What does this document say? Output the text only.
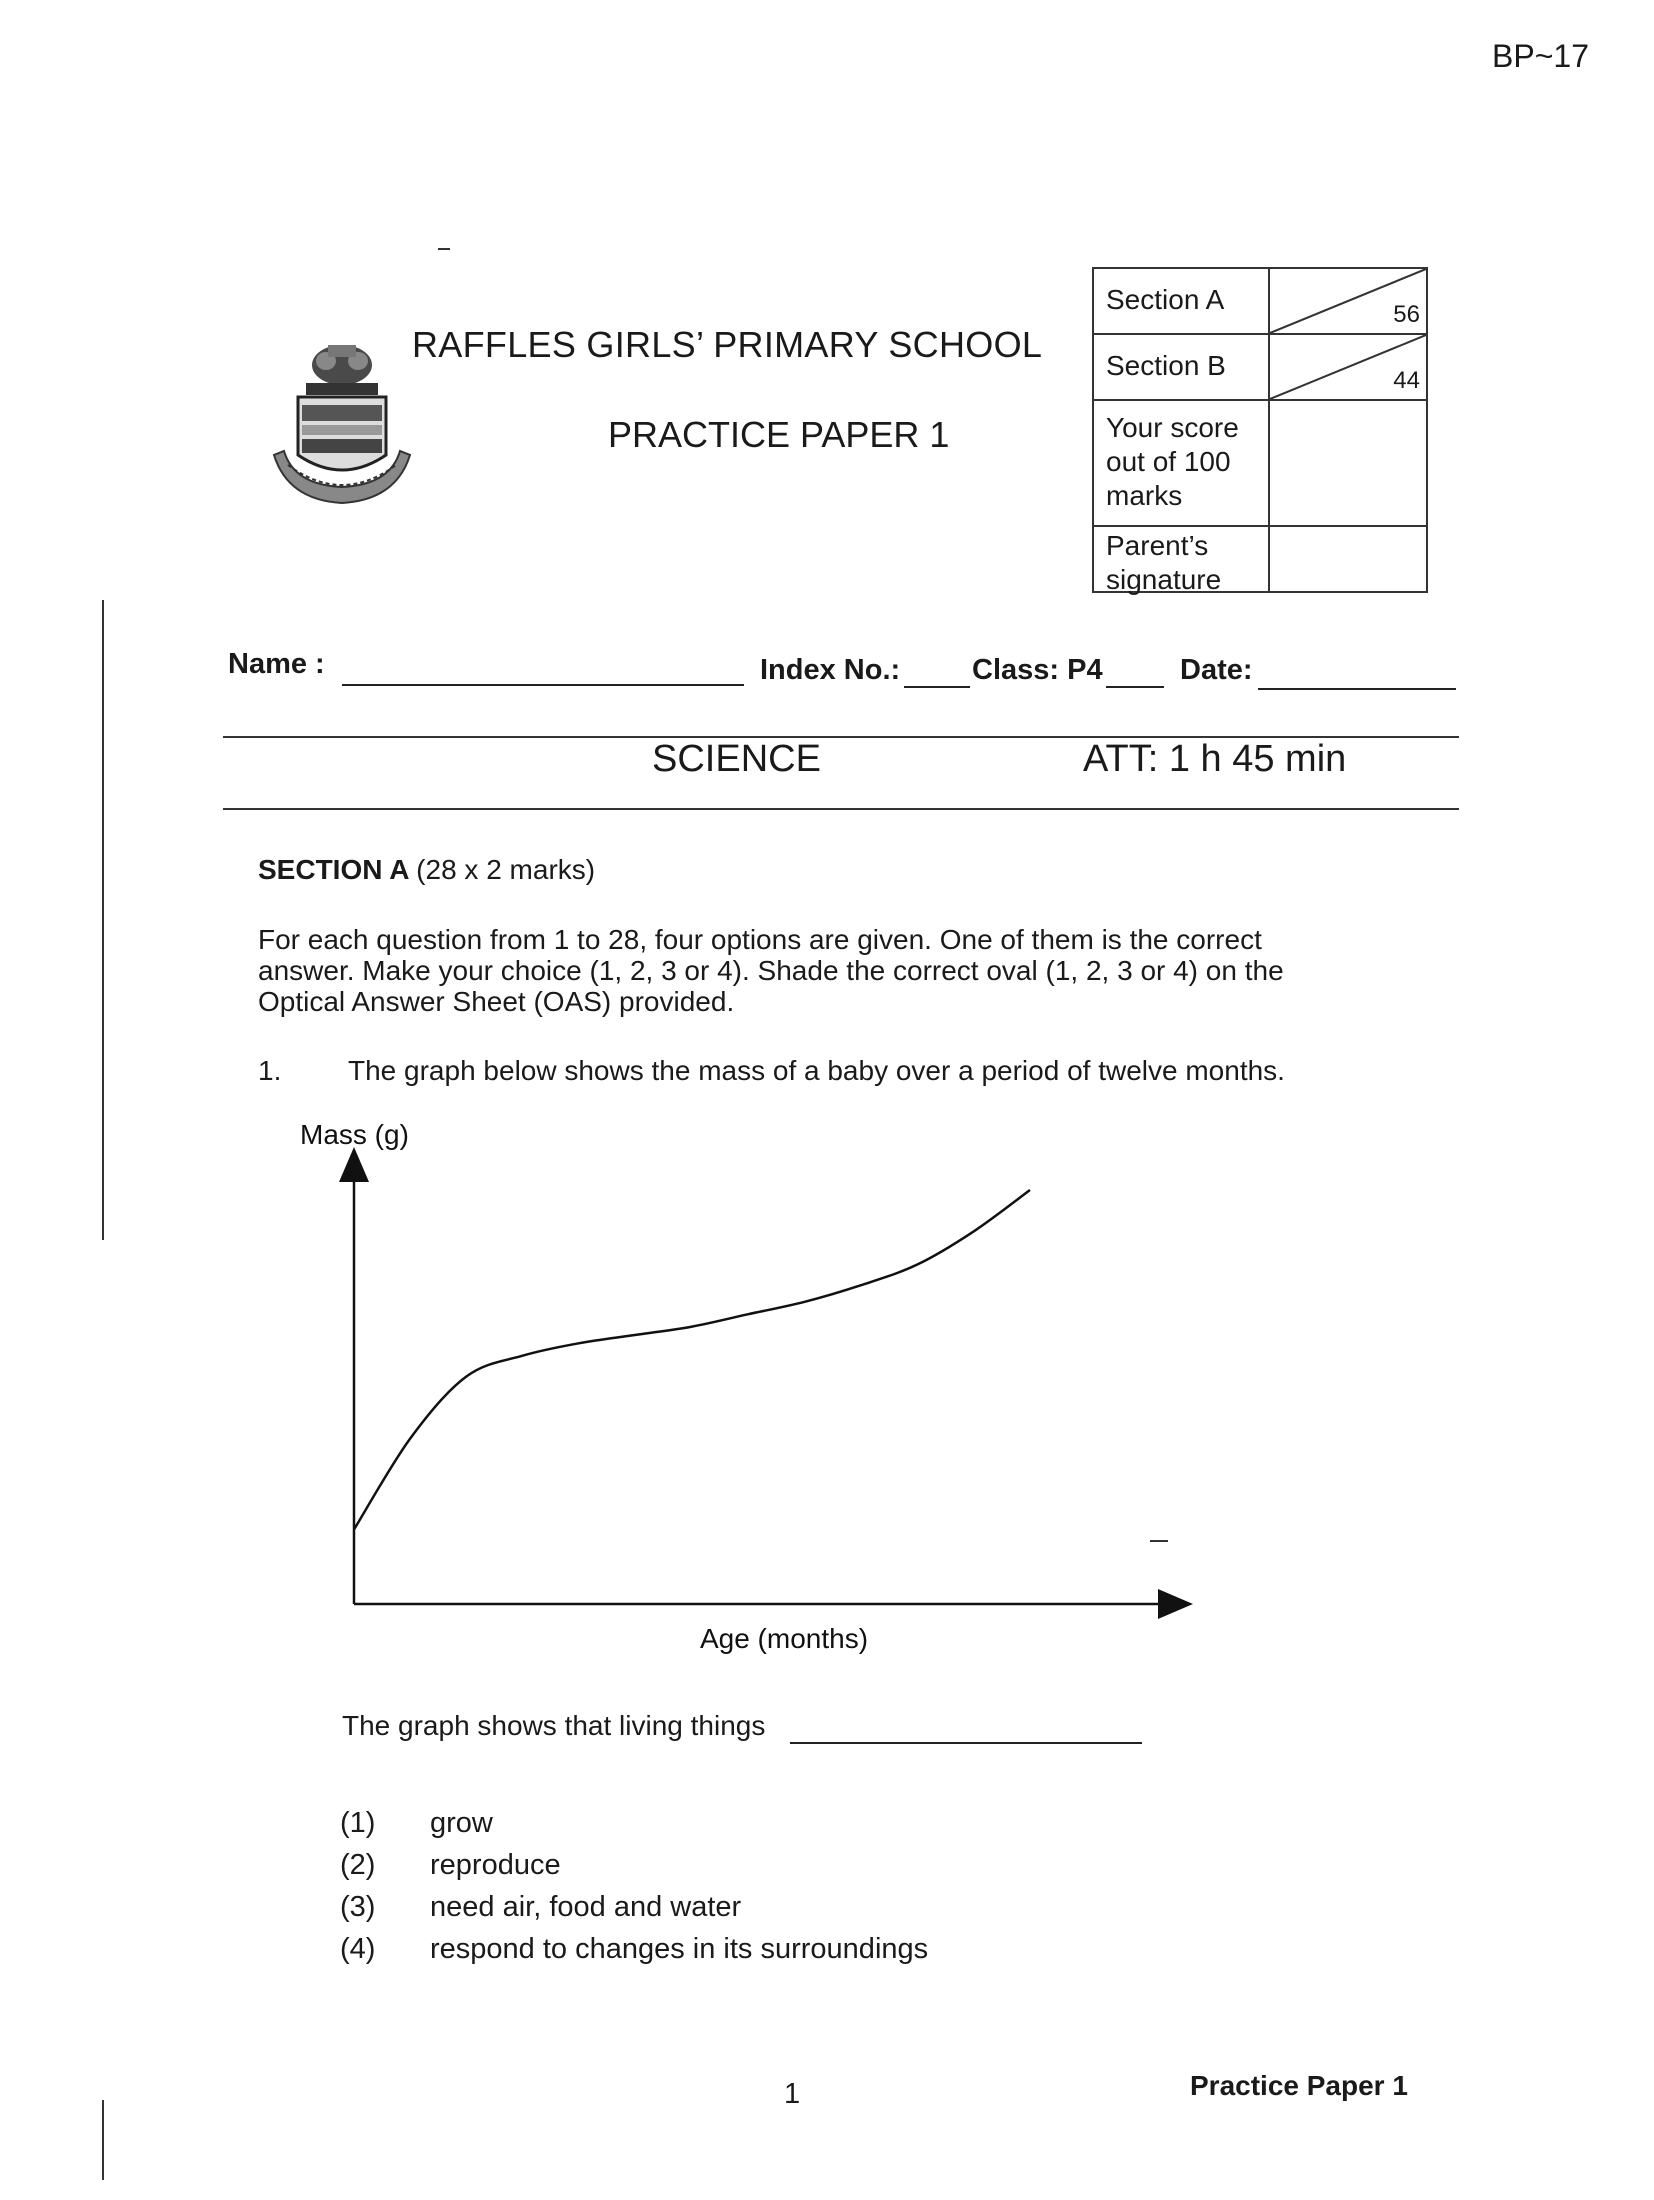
BP~17
RAFFLES GIRLS’ PRIMARY SCHOOL
PRACTICE PAPER 1
Section A	56
Section B	44
Your score out of 100 marks
Parent’s signature
Name :	Index No.: Class: P4	Date:
SCIENCE	ATT: 1 h 45 min
SECTION A (28 x 2 marks)

For each question from 1 to 28, four options are given. One of them is the correct answer. Make your choice (1, 2, 3 or 4). Shade the correct oval (1, 2, 3 or 4) on the Optical Answer Sheet (OAS) provided.

1. The graph below shows the mass of a baby over a period of twelve months.
Mass (g)
Age (months)
The graph shows that living things
(1) grow
(2) reproduce
(3) need air, food and water
(4) respond to changes in its surroundings
1	Practice Paper 1
